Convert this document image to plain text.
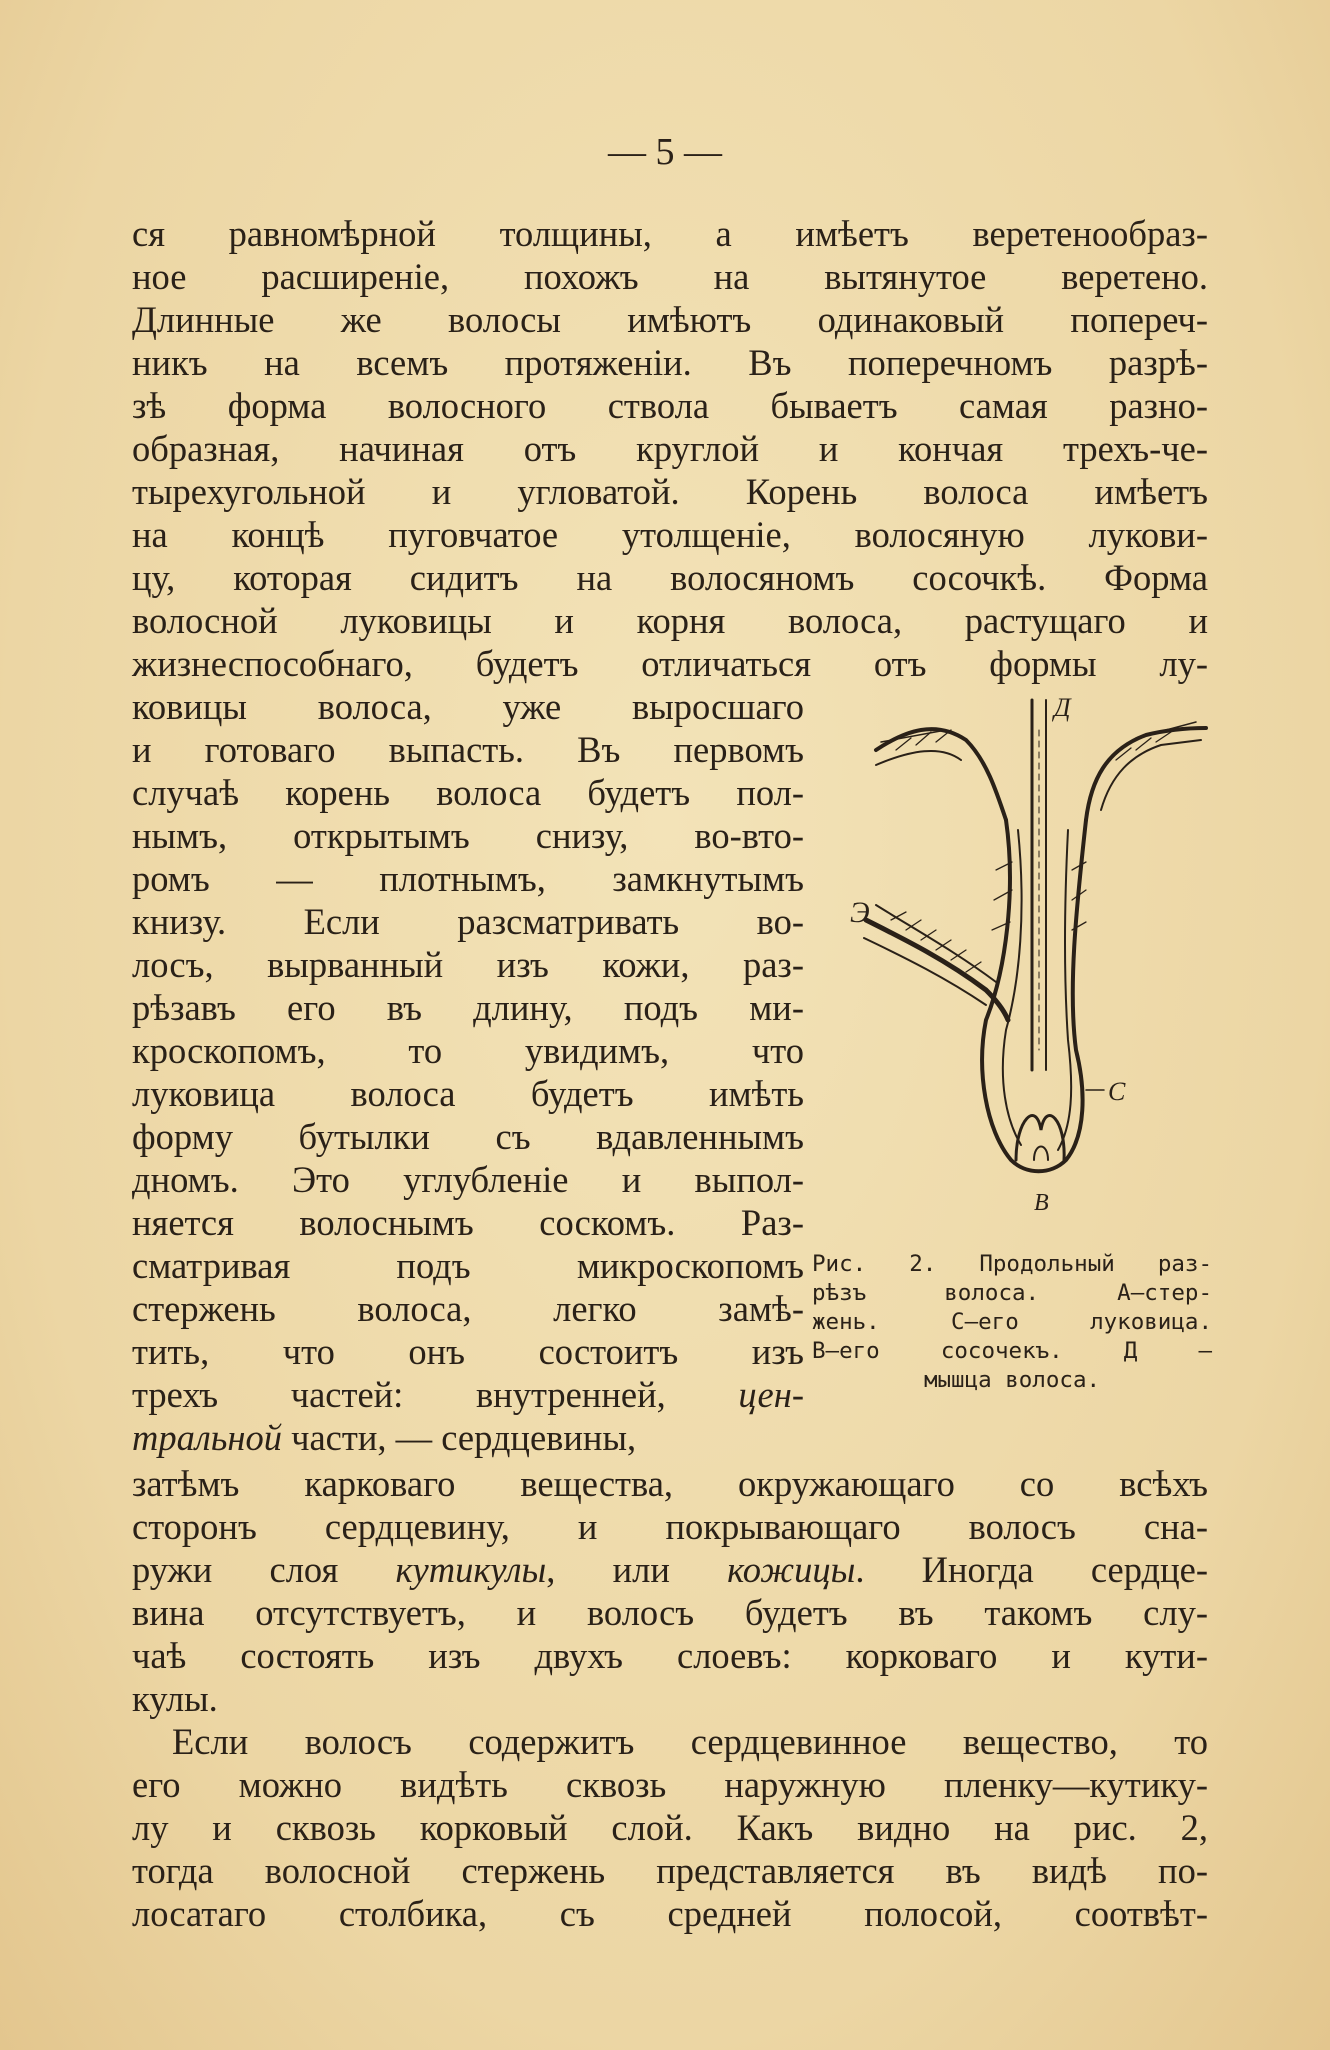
— 5 —
ся равномѣрной толщины, а имѣетъ веретенообраз-
ное расширенiе, похожъ на вытянутое веретено.
Длинные же волосы имѣютъ одинаковый попереч-
никъ на всемъ протяженiи. Въ поперечномъ разрѣ-
зѣ форма волосного ствола бываетъ самая разно-
образная, начиная отъ круглой и кончая трехъ-че-
тырехугольной и угловатой. Корень волоса имѣетъ
на концѣ пуговчатое утолщенiе, волосяную лукови-
цу, которая сидитъ на волосяномъ сосочкѣ. Форма
волосной луковицы и корня волоса, растущаго и
жизнеспособнаго, будетъ отличаться отъ формы лу-
ковицы волоса, уже выросшаго
и готоваго выпасть. Въ первомъ
случаѣ корень волоса будетъ пол-
нымъ, открытымъ снизу, во-вто-
ромъ — плотнымъ, замкнутымъ
книзу. Если разсматривать во-
лосъ, вырванный изъ кожи, раз-
рѣзавъ его въ длину, подъ ми-
кроскопомъ, то увидимъ, что
луковица волоса будетъ имѣть
форму бутылки съ вдавленнымъ
дномъ. Это углубленiе и выпол-
няется волоснымъ соскомъ. Раз-
сматривая подъ микроскопомъ
стержень волоса, легко замѣ-
тить, что онъ состоитъ изъ
трехъ частей: внутренней, цен-
тральной части, — сердцевины,
Д
Э
С
В
Рис. 2. Продольный раз-
рѣзъ волоса. А—стер-
жень. С—его луковица.
В—его сосочекъ. Д —
мышца волоса.
затѣмъ карковаго вещества, окружающаго со всѣхъ
сторонъ сердцевину, и покрывающаго волосъ сна-
ружи слоя кутикулы, или кожицы. Иногда сердце-
вина отсутствуетъ, и волосъ будетъ въ такомъ слу-
чаѣ состоять изъ двухъ слоевъ: корковаго и кути-
кулы.
Если волосъ содержитъ сердцевинное вещество, то
его можно видѣть сквозь наружную пленку—кутику-
лу и сквозь корковый слой. Какъ видно на рис. 2,
тогда волосной стержень представляется въ видѣ по-
лосатаго столбика, съ средней полосой, соотвѣт-
